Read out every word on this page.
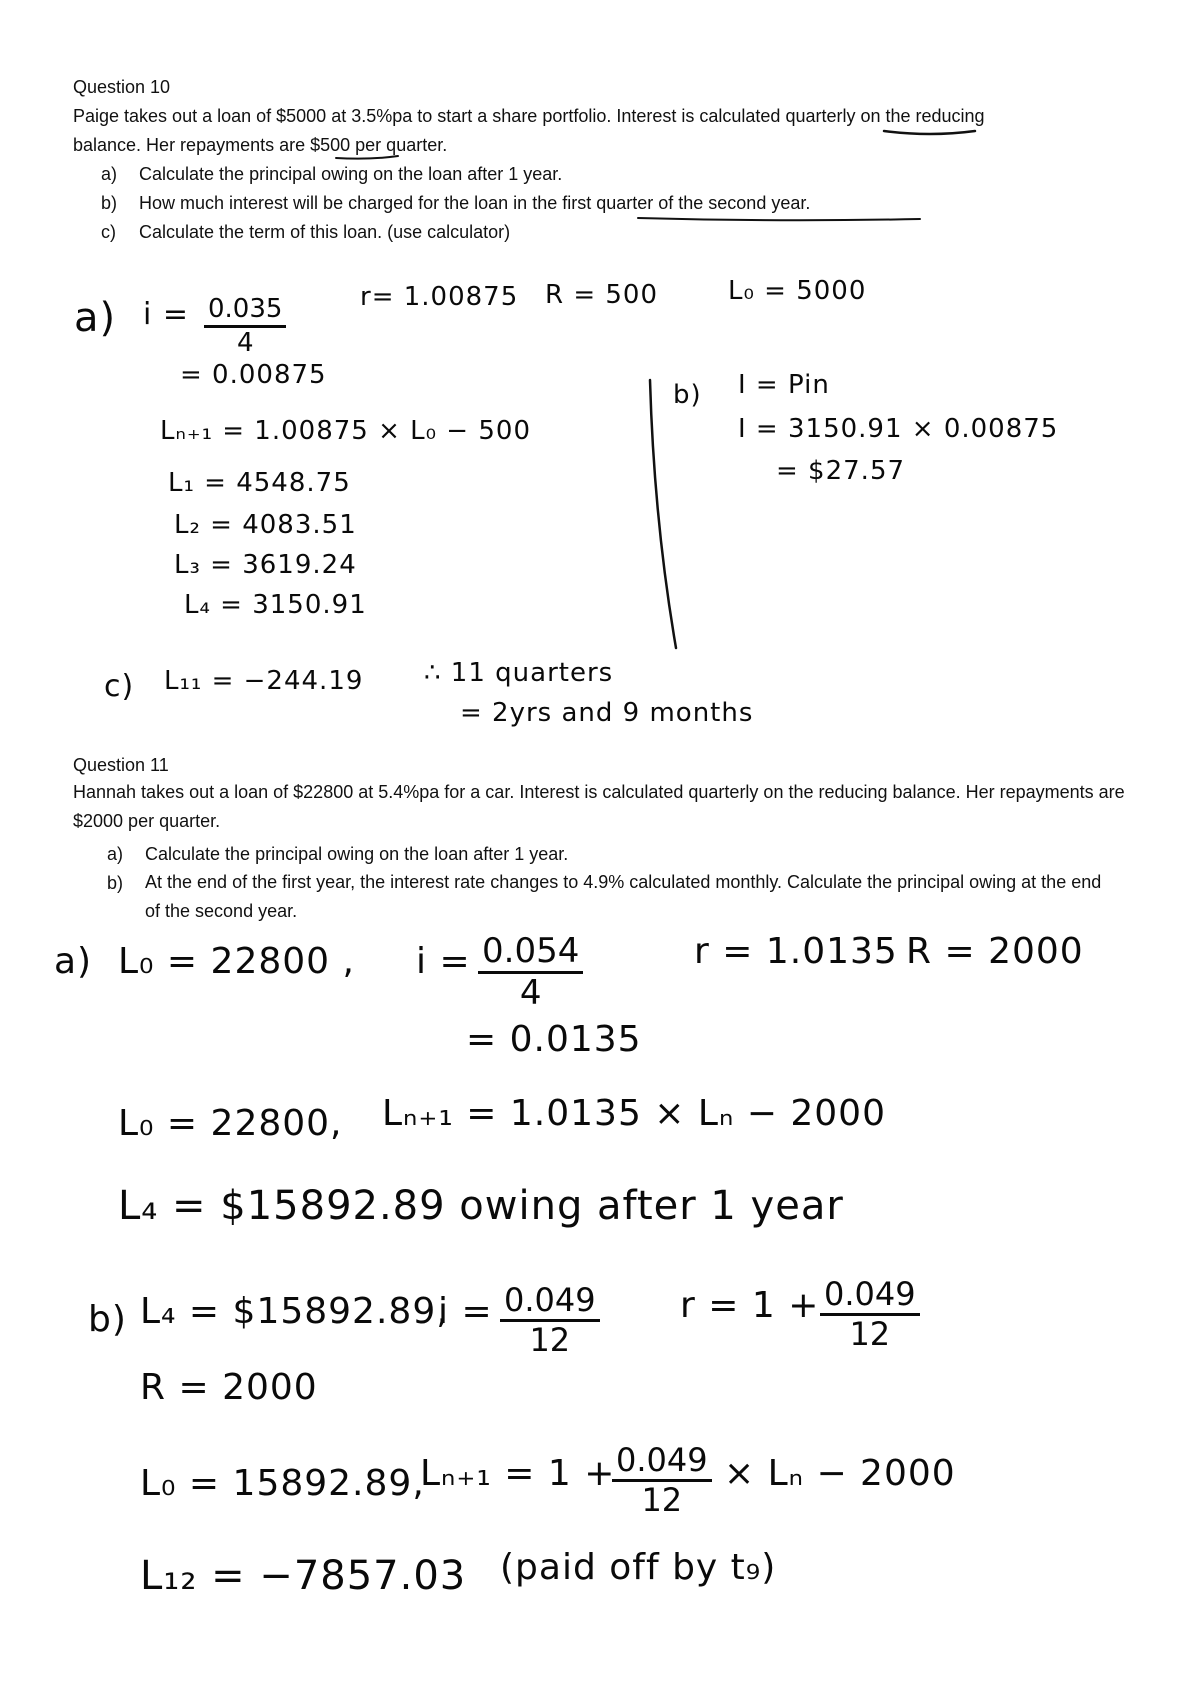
Question 10
Paige takes out a loan of $5000 at 3.5%pa to start a share portfolio. Interest is calculated quarterly on the reducing
balance. Her repayments are $500 per quarter.
a) Calculate the principal owing on the loan after 1 year.
b) How much interest will be charged for the loan in the first quarter of the second year.
c) Calculate the term of this loan. (use calculator)
a) $i = \frac{0.035}{4}$
= 0.00875
r= 1.00875 R = 500	L₀ = 5000
Lₙ₊₁ = 1.00875 × L₀ − 500
L₁ = 4548.75
L₂ = 4083.51
L₃ = 3619.24
L₄ = 3150.91
b) I = Pin
I = 3150.91 × 0.00875
= $27.57
c) L₁₁ = −244.19 ∴ 11 quarters
= 2yrs and 9 months
Question 11
Hannah takes out a loan of $22800 at 5.4%pa for a car. Interest is calculated quarterly on the reducing balance. Her repayments are $2000 per quarter.
a) Calculate the principal owing on the loan after 1 year.
b) At the end of the first year, the interest rate changes to 4.9% calculated monthly. Calculate the principal owing at the end of the second year.
a) L₀ = 22800 , $i = \frac{0.054}{4}$
= 0.0135
r = 1.0135 R = 2000
L₀ = 22800, Lₙ₊₁ = 1.0135 × Lₙ − 2000
L₄ = $15892.89 owing after 1 year
b) L₄ = $15892.89,
$i = \frac{0.049}{12}$ $r = 1 + \frac{0.049}{12}$
R = 2000
L₀ = 15892.89,
Lₙ₊₁ = 1 +
$\frac{0.049}{12} \times L_n - 2000$
L₁₂ = −7857.03 (paid off by t₉)
